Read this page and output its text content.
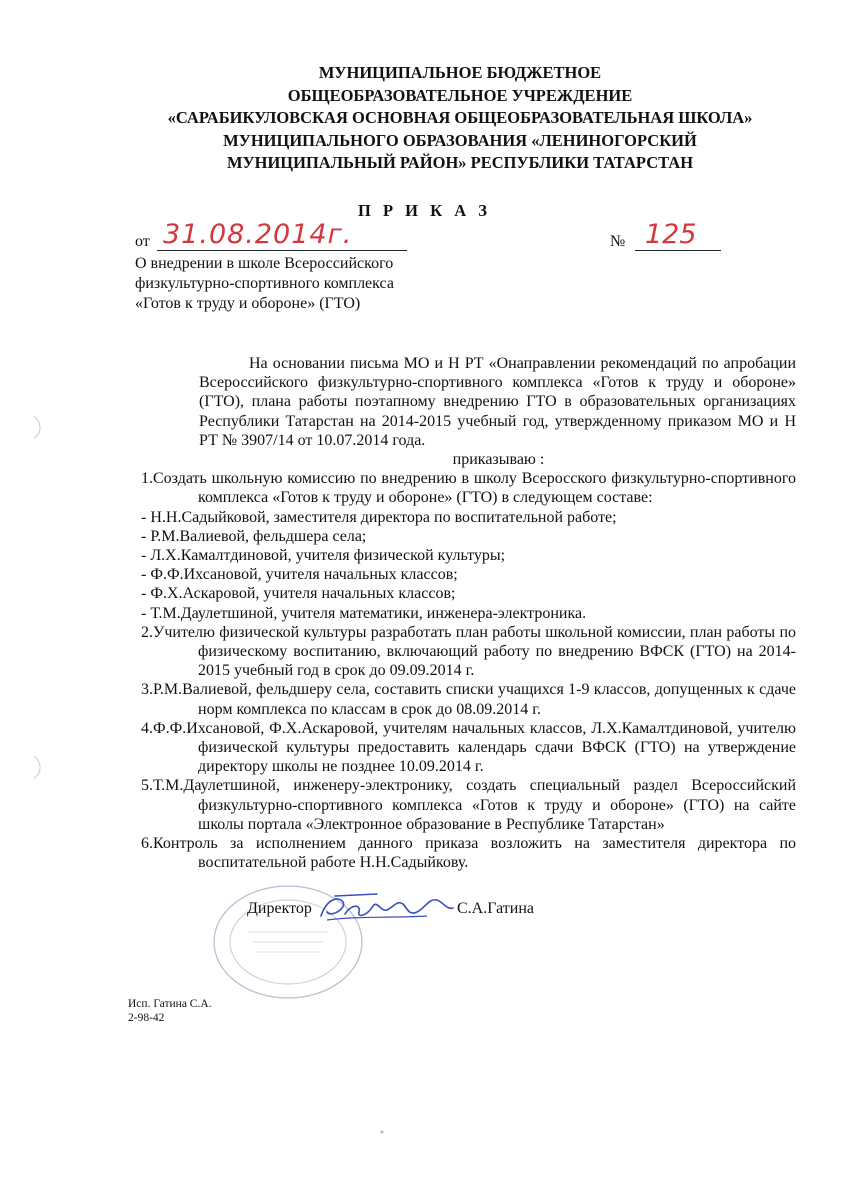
МУНИЦИПАЛЬНОЕ БЮДЖЕТНОЕ
ОБЩЕОБРАЗОВАТЕЛЬНОЕ УЧРЕЖДЕНИЕ
«САРАБИКУЛОВСКАЯ ОСНОВНАЯ ОБЩЕОБРАЗОВАТЕЛЬНАЯ ШКОЛА»
МУНИЦИПАЛЬНОГО ОБРАЗОВАНИЯ «ЛЕНИНОГОРСКИЙ
МУНИЦИПАЛЬНЫЙ РАЙОН» РЕСПУБЛИКИ ТАТАРСТАН
П Р И К А З
от 31.08.2014г.	№ 125
О внедрении в школе Всероссийского
физкультурно-спортивного комплекса
«Готов к труду и обороне» (ГТО)

На основании письма МО и Н РТ «Онаправлении рекомендаций по апробации Всероссийского физкультурно-спортивного комплекса «Готов к труду и обороне» (ГТО), плана работы поэтапному внедрению ГТО в образовательных организациях Республики Татарстан на 2014-2015 учебный год, утвержденному приказом МО и Н РТ № 3907/14 от 10.07.2014 года.

приказываю :

1.Создать школьную комиссию по внедрению в школу Всеросского физкультурно-спортивного комплекса «Готов к труду и обороне» (ГТО) в следующем составе:

- Н.Н.Садыйковой, заместителя директора по воспитательной работе;

- Р.М.Валиевой, фельдшера села;

- Л.Х.Камалтдиновой, учителя физической культуры;

- Ф.Ф.Ихсановой, учителя начальных классов;

- Ф.Х.Аскаровой, учителя начальных классов;

- Т.М.Даулетшиной, учителя математики, инженера-электроника.

2.Учителю физической культуры разработать план работы школьной комиссии, план работы по физическому воспитанию, включающий работу по внедрению ВФСК (ГТО) на 2014-2015 учебный год в срок до 09.09.2014 г.

3.Р.М.Валиевой, фельдшеру села, составить списки учащихся 1-9 классов, допущенных к сдаче норм комплекса по классам в срок до 08.09.2014 г.

4.Ф.Ф.Ихсановой, Ф.Х.Аскаровой, учителям начальных классов, Л.Х.Камалтдиновой, учителю физической культуры предоставить календарь сдачи ВФСК (ГТО) на утверждение директору школы не позднее 10.09.2014 г.

5.Т.М.Даулетшиной, инженеру-электронику, создать специальный раздел Всероссийский физкультурно-спортивного комплекса «Готов к труду и обороне» (ГТО) на сайте школы портала «Электронное образование в Республике Татарстан»

6.Контроль за исполнением данного приказа возложить на заместителя директора по воспитательной работе Н.Н.Садыйкову.

Директор	С.А.Гатина
Исп. Гатина С.А.
2-98-42
